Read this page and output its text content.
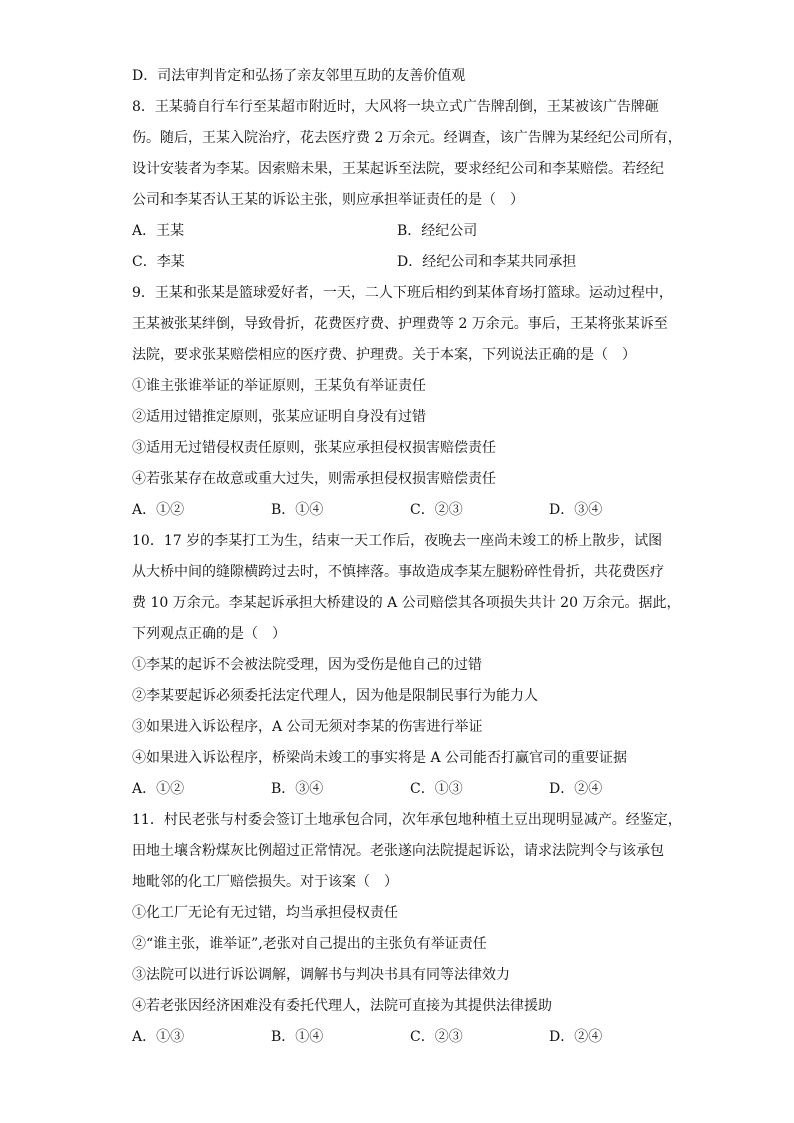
D．司法审判肯定和弘扬了亲友邻里互助的友善价值观
8．王某骑自行车行至某超市附近时，大风将一块立式广告牌刮倒，王某被该广告牌砸
伤。随后，王某入院治疗，花去医疗费 2 万余元。经调查，该广告牌为某经纪公司所有，
设计安装者为李某。因索赔未果，王某起诉至法院，要求经纪公司和李某赔偿。若经纪
公司和李某否认王某的诉讼主张，则应承担举证责任的是（　）
A．王某	B．经纪公司
C．李某	D．经纪公司和李某共同承担
9．王某和张某是篮球爱好者，一天，二人下班后相约到某体育场打篮球。运动过程中，
王某被张某绊倒，导致骨折，花费医疗费、护理费等 2 万余元。事后，王某将张某诉至
法院，要求张某赔偿相应的医疗费、护理费。关于本案，下列说法正确的是（　）
①谁主张谁举证的举证原则，王某负有举证责任
②适用过错推定原则，张某应证明自身没有过错
③适用无过错侵权责任原则，张某应承担侵权损害赔偿责任
④若张某存在故意或重大过失，则需承担侵权损害赔偿责任
A．①②	B．①④	C．②③	D．③④
10．17 岁的李某打工为生，结束一天工作后，夜晚去一座尚未竣工的桥上散步，试图
从大桥中间的缝隙横跨过去时，不慎摔落。事故造成李某左腿粉碎性骨折，共花费医疗
费 10 万余元。李某起诉承担大桥建设的 A 公司赔偿其各项损失共计 20 万余元。据此，
下列观点正确的是（　）
①李某的起诉不会被法院受理，因为受伤是他自己的过错
②李某要起诉必须委托法定代理人，因为他是限制民事行为能力人
③如果进入诉讼程序，A 公司无须对李某的伤害进行举证
④如果进入诉讼程序，桥梁尚未竣工的事实将是 A 公司能否打赢官司的重要证据
A．①②	B．③④	C．①③	D．②④
11．村民老张与村委会签订土地承包合同，次年承包地种植土豆出现明显减产。经鉴定，
田地土壤含粉煤灰比例超过正常情况。老张遂向法院提起诉讼，请求法院判令与该承包
地毗邻的化工厂赔偿损失。对于该案（　）
①化工厂无论有无过错，均当承担侵权责任
②“谁主张，谁举证”,老张对自己提出的主张负有举证责任
③法院可以进行诉讼调解，调解书与判决书具有同等法律效力
④若老张因经济困难没有委托代理人，法院可直接为其提供法律援助
A．①③	B．①④	C．②③	D．②④
